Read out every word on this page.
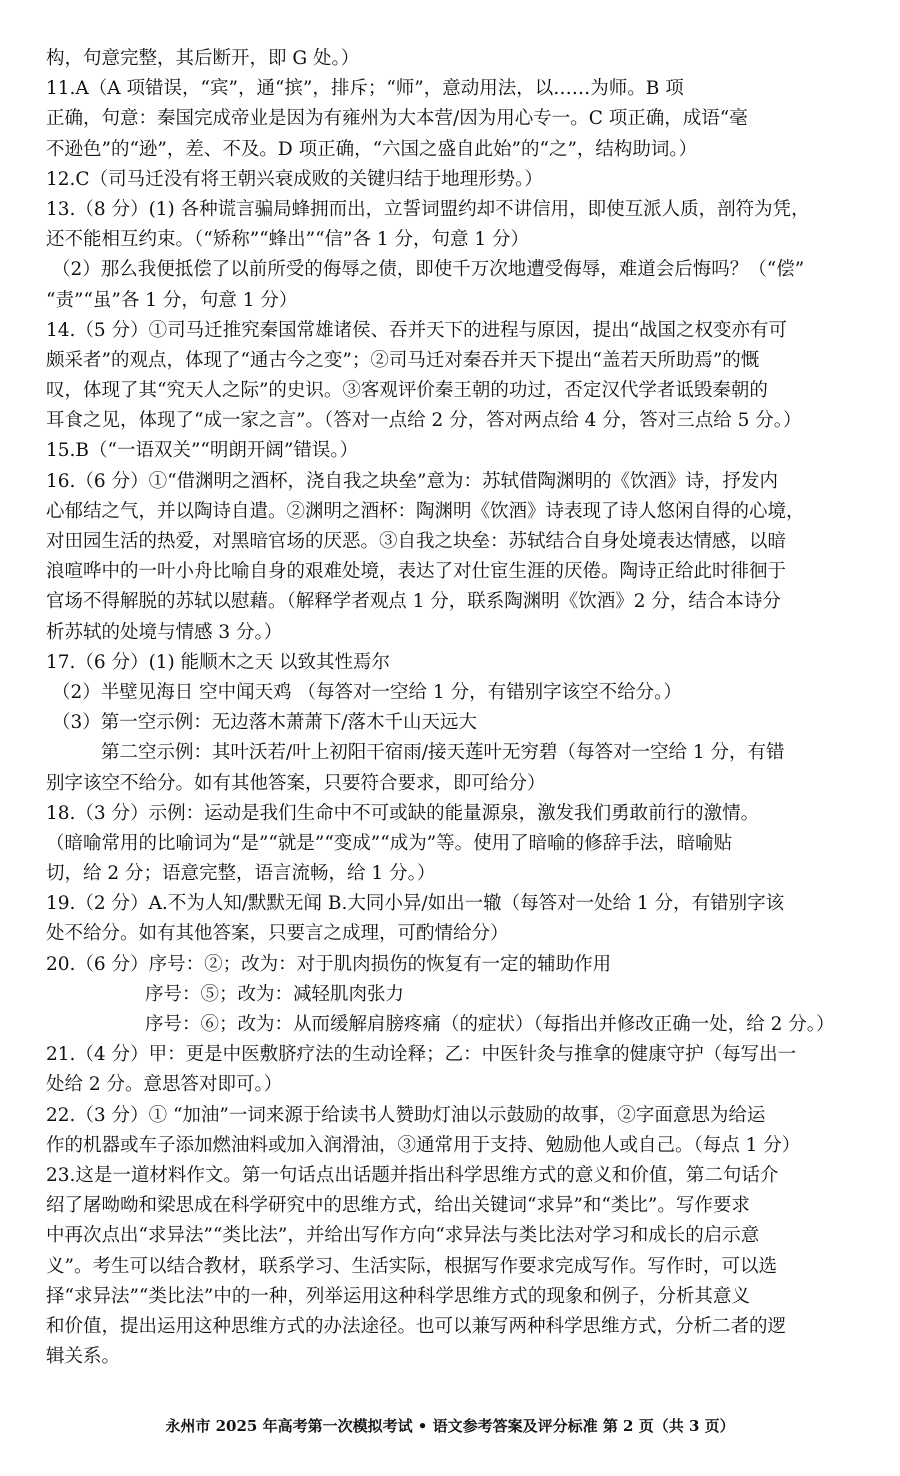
构，句意完整，其后断开，即 G 处。）
11.A（A 项错误，“宾”，通“摈”，排斥；“师”，意动用法，以……为师。B 项
正确，句意：秦国完成帝业是因为有雍州为大本营/因为用心专一。C 项正确，成语“毫
不逊色”的“逊”，差、不及。D 项正确，“六国之盛自此始”的“之”，结构助词。）
12.C（司马迁没有将王朝兴衰成败的关键归结于地理形势。）
13.（8 分）(1) 各种谎言骗局蜂拥而出，立誓词盟约却不讲信用，即使互派人质，剖符为凭，
还不能相互约束。（“矫称”“蜂出”“信”各 1 分，句意 1 分）
（2）那么我便抵偿了以前所受的侮辱之债，即使千万次地遭受侮辱，难道会后悔吗？（“偿”
“责”“虽”各 1 分，句意 1 分）
14.（5 分）①司马迁推究秦国常雄诸侯、吞并天下的进程与原因，提出“战国之权变亦有可
颇采者”的观点，体现了“通古今之变”；②司马迁对秦吞并天下提出“盖若天所助焉”的慨
叹，体现了其“究天人之际”的史识。③客观评价秦王朝的功过，否定汉代学者诋毁秦朝的
耳食之见，体现了“成一家之言”。（答对一点给 2 分，答对两点给 4 分，答对三点给 5 分。）
15.B（“一语双关”“明朗开阔”错误。）
16.（6 分）①“借渊明之酒杯，浇自我之块垒”意为：苏轼借陶渊明的《饮酒》诗，抒发内
心郁结之气，并以陶诗自遣。②渊明之酒杯：陶渊明《饮酒》诗表现了诗人悠闲自得的心境，
对田园生活的热爱，对黑暗官场的厌恶。③自我之块垒：苏轼结合自身处境表达情感，以暗
浪喧哗中的一叶小舟比喻自身的艰难处境，表达了对仕宦生涯的厌倦。陶诗正给此时徘徊于
官场不得解脱的苏轼以慰藉。（解释学者观点 1 分，联系陶渊明《饮酒》2 分，结合本诗分
析苏轼的处境与情感 3 分。）
17.（6 分）(1) 能顺木之天 以致其性焉尔
（2）半壁见海日 空中闻天鸡 （每答对一空给 1 分，有错别字该空不给分。）
（3）第一空示例：无边落木萧萧下/落木千山天远大
第二空示例：其叶沃若/叶上初阳干宿雨/接天莲叶无穷碧（每答对一空给 1 分，有错
别字该空不给分。如有其他答案，只要符合要求，即可给分）
18.（3 分）示例：运动是我们生命中不可或缺的能量源泉，激发我们勇敢前行的激情。
（暗喻常用的比喻词为“是”“就是”“变成”“成为”等。使用了暗喻的修辞手法，暗喻贴
切，给 2 分；语意完整，语言流畅，给 1 分。）
19.（2 分）A.不为人知/默默无闻 B.大同小异/如出一辙（每答对一处给 1 分，有错别字该
处不给分。如有其他答案，只要言之成理，可酌情给分）
20.（6 分）序号：②；改为：对于肌肉损伤的恢复有一定的辅助作用
序号：⑤；改为：减轻肌肉张力
序号：⑥；改为：从而缓解肩膀疼痛（的症状）（每指出并修改正确一处，给 2 分。）
21.（4 分）甲：更是中医敷脐疗法的生动诠释；乙：中医针灸与推拿的健康守护（每写出一
处给 2 分。意思答对即可。）
22.（3 分）① “加油”一词来源于给读书人赞助灯油以示鼓励的故事，②字面意思为给运
作的机器或车子添加燃油料或加入润滑油，③通常用于支持、勉励他人或自己。（每点 1 分）
23.这是一道材料作文。第一句话点出话题并指出科学思维方式的意义和价值，第二句话介
绍了屠呦呦和梁思成在科学研究中的思维方式，给出关键词“求异”和“类比”。写作要求
中再次点出“求异法”“类比法”，并给出写作方向“求异法与类比法对学习和成长的启示意
义”。考生可以结合教材，联系学习、生活实际，根据写作要求完成写作。写作时，可以选
择“求异法”“类比法”中的一种，列举运用这种科学思维方式的现象和例子，分析其意义
和价值，提出运用这种思维方式的办法途径。也可以兼写两种科学思维方式，分析二者的逻
辑关系。
永州市 2025 年高考第一次模拟考试 • 语文参考答案及评分标准 第 2 页（共 3 页）
